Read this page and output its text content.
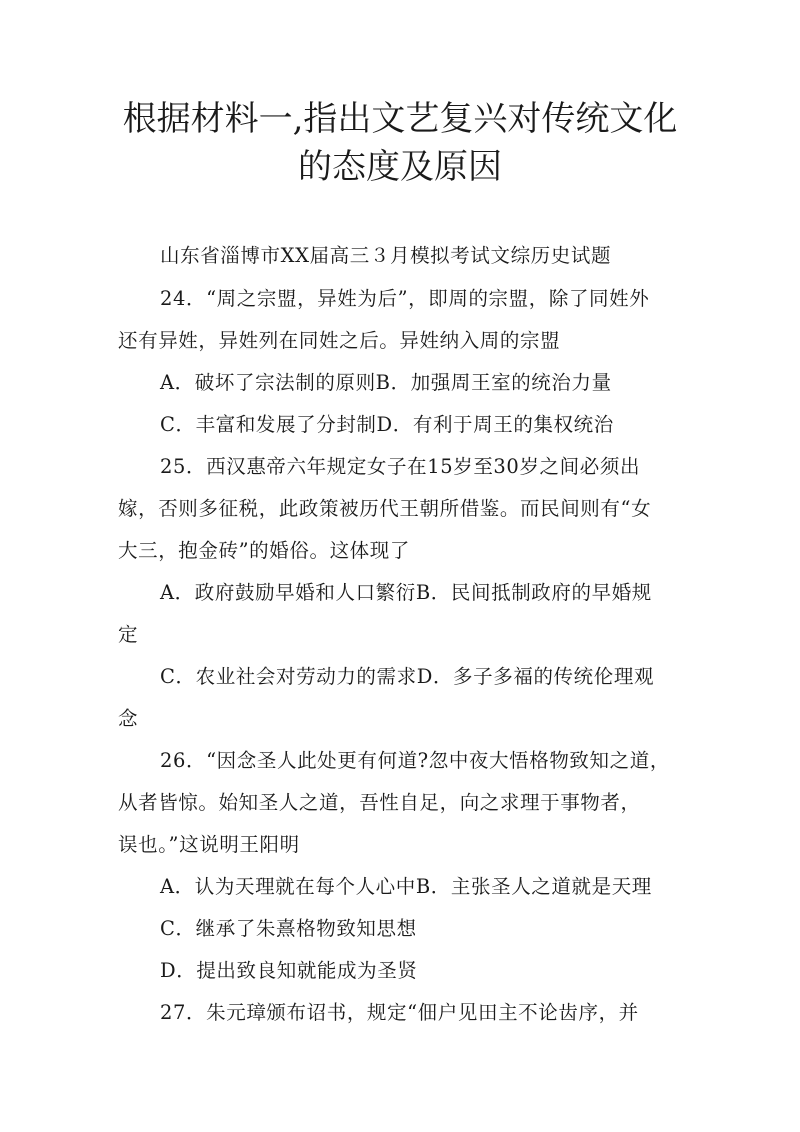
根据材料一,指出文艺复兴对传统文化
的态度及原因
山东省淄博市XX届高三３月模拟考试文综历史试题
24．“周之宗盟，异姓为后”，即周的宗盟，除了同姓外
还有异姓，异姓列在同姓之后。异姓纳入周的宗盟
A．破坏了宗法制的原则B．加强周王室的统治力量
C．丰富和发展了分封制D．有利于周王的集权统治
25．西汉惠帝六年规定女子在15岁至30岁之间必须出
嫁，否则多征税，此政策被历代王朝所借鉴。而民间则有“女
大三，抱金砖”的婚俗。这体现了
A．政府鼓励早婚和人口繁衍B．民间抵制政府的早婚规
定
C．农业社会对劳动力的需求D．多子多福的传统伦理观
念
26．“因念圣人此处更有何道?忽中夜大悟格物致知之道，
从者皆惊。始知圣人之道，吾性自足，向之求理于事物者，
误也。”这说明王阳明
A．认为天理就在每个人心中B．主张圣人之道就是天理
C．继承了朱熹格物致知思想
D．提出致良知就能成为圣贤
27．朱元璋颁布诏书，规定“佃户见田主不论齿序，并
